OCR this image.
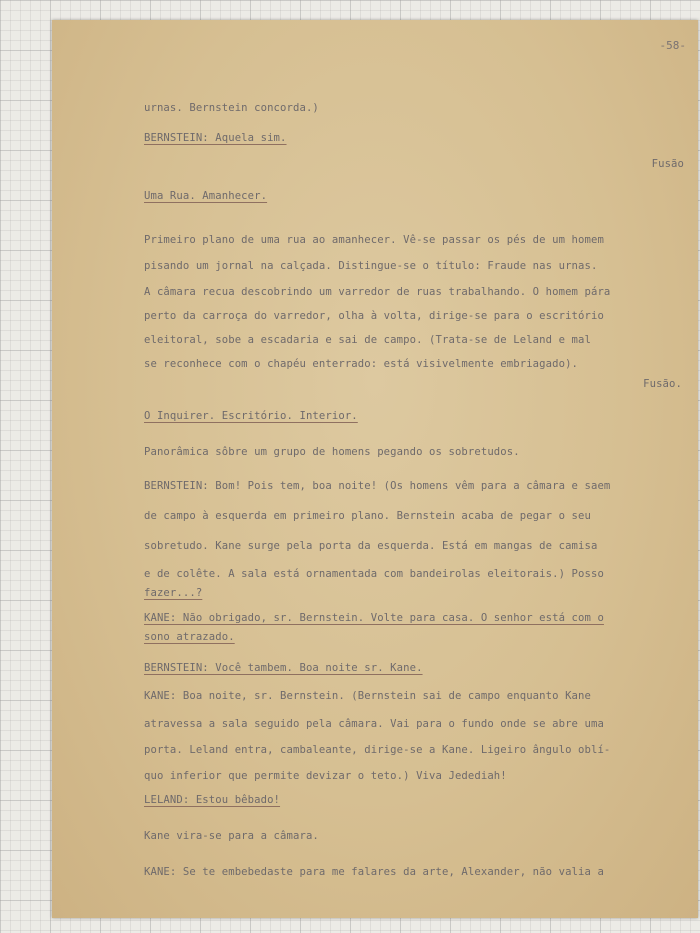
-58-

urnas. Bernstein concorda.)

BERNSTEIN: Aquela sim.

Fusão

Uma Rua. Amanhecer.

Primeiro plano de uma rua ao amanhecer. Vê-se passar os pés de um homem

pisando um jornal na calçada. Distingue-se o título: Fraude nas urnas.

A câmara recua descobrindo um varredor de ruas trabalhando. O homem pára

perto da carroça do varredor, olha à volta, dirige-se para o escritório

eleitoral, sobe a escadaria e sai de campo. (Trata-se de Leland e mal

se reconhece com o chapéu enterrado: está visivelmente embriagado).

Fusão.

O Inquirer. Escritório. Interior.

Panorâmica sôbre um grupo de homens pegando os sobretudos.

BERNSTEIN: Bom! Pois tem, boa noite! (Os homens vêm para a câmara e saem

de campo à esquerda em primeiro plano. Bernstein acaba de pegar o seu

sobretudo. Kane surge pela porta da esquerda. Está em mangas de camisa

e de colête. A sala está ornamentada com bandeirolas eleitorais.) Posso

fazer...?

KANE: Não obrigado, sr. Bernstein. Volte para casa. O senhor está com o

sono atrazado.

BERNSTEIN: Você tambem. Boa noite sr. Kane.

KANE: Boa noite, sr. Bernstein. (Bernstein sai de campo enquanto Kane

atravessa a sala seguido pela câmara. Vai para o fundo onde se abre uma

porta. Leland entra, cambaleante, dirige-se a Kane. Ligeiro ângulo oblí-

quo inferior que permite devizar o teto.) Viva Jedediah!

LELAND: Estou bêbado!

Kane vira-se para a câmara.

KANE: Se te embebedaste para me falares da arte, Alexander, não valia a
